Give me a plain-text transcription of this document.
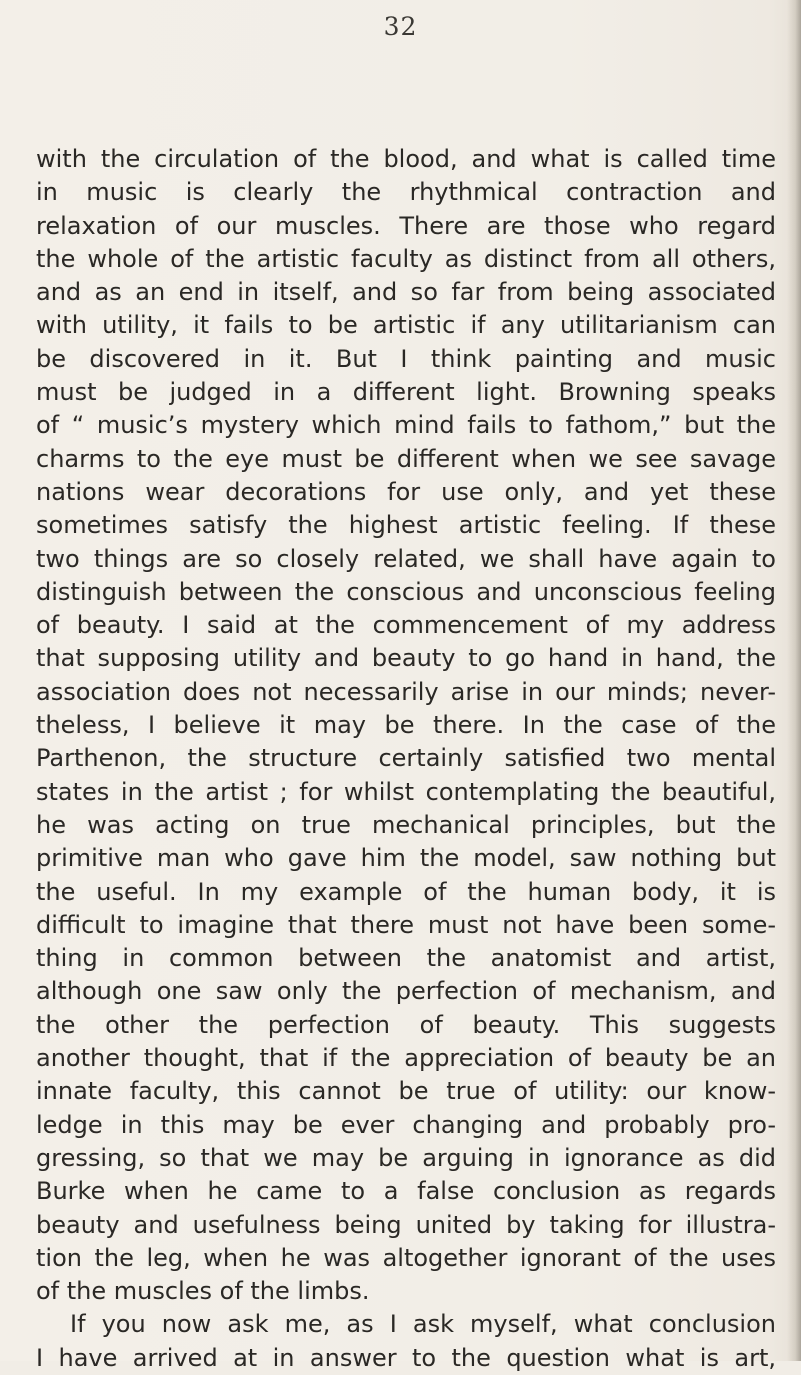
32
with the circulation of the blood, and what is called time
in music is clearly the rhythmical contraction and
relaxation of our muscles. There are those who regard
the whole of the artistic faculty as distinct from all others,
and as an end in itself, and so far from being associated
with utility, it fails to be artistic if any utilitarianism can
be discovered in it. But I think painting and music
must be judged in a different light. Browning speaks
of “ music’s mystery which mind fails to fathom,” but the
charms to the eye must be different when we see savage
nations wear decorations for use only, and yet these
sometimes satisfy the highest artistic feeling. If these
two things are so closely related, we shall have again to
distinguish between the conscious and unconscious feeling
of beauty. I said at the commencement of my address
that supposing utility and beauty to go hand in hand, the
association does not necessarily arise in our minds; never-
theless, I believe it may be there. In the case of the
Parthenon, the structure certainly satisfied two mental
states in the artist ; for whilst contemplating the beautiful,
he was acting on true mechanical principles, but the
primitive man who gave him the model, saw nothing but
the useful. In my example of the human body, it is
difficult to imagine that there must not have been some-
thing in common between the anatomist and artist,
although one saw only the perfection of mechanism, and
the other the perfection of beauty. This suggests
another thought, that if the appreciation of beauty be an
innate faculty, this cannot be true of utility: our know-
ledge in this may be ever changing and probably pro-
gressing, so that we may be arguing in ignorance as did
Burke when he came to a false conclusion as regards
beauty and usefulness being united by taking for illustra-
tion the leg, when he was altogether ignorant of the uses
of the muscles of the limbs.
If you now ask me, as I ask myself, what conclusion
I have arrived at in answer to the question what is art,
